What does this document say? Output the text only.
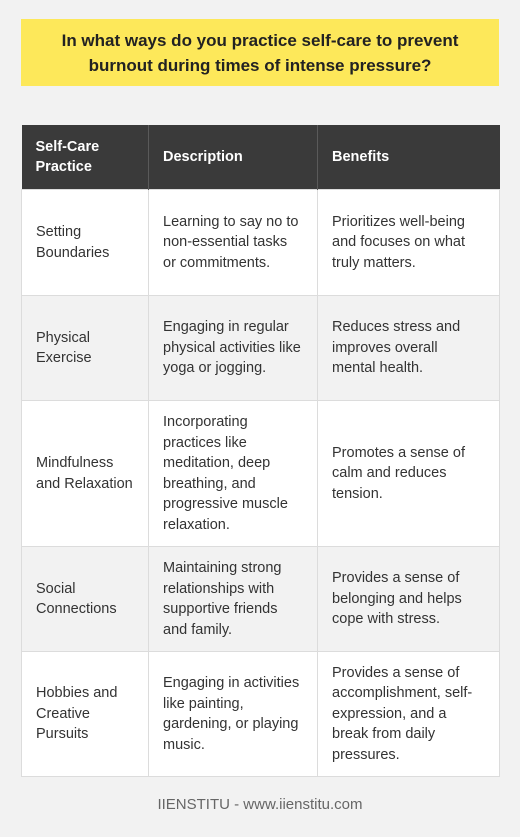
In what ways do you practice self-care to prevent burnout during times of intense pressure?
Self-Care Practice	Description	Benefits
Setting Boundaries	Learning to say no to non-essential tasks or commitments.	Prioritizes well-being and focuses on what truly matters.
Physical Exercise	Engaging in regular physical activities like yoga or jogging.	Reduces stress and improves overall mental health.
Mindfulness and Relaxation	Incorporating practices like meditation, deep breathing, and progressive muscle relaxation.	Promotes a sense of calm and reduces tension.
Social Connections	Maintaining strong relationships with supportive friends and family.	Provides a sense of belonging and helps cope with stress.
Hobbies and Creative Pursuits	Engaging in activities like painting, gardening, or playing music.	Provides a sense of accomplishment, self-expression, and a break from daily pressures.
IIENSTITU - www.iienstitu.com
